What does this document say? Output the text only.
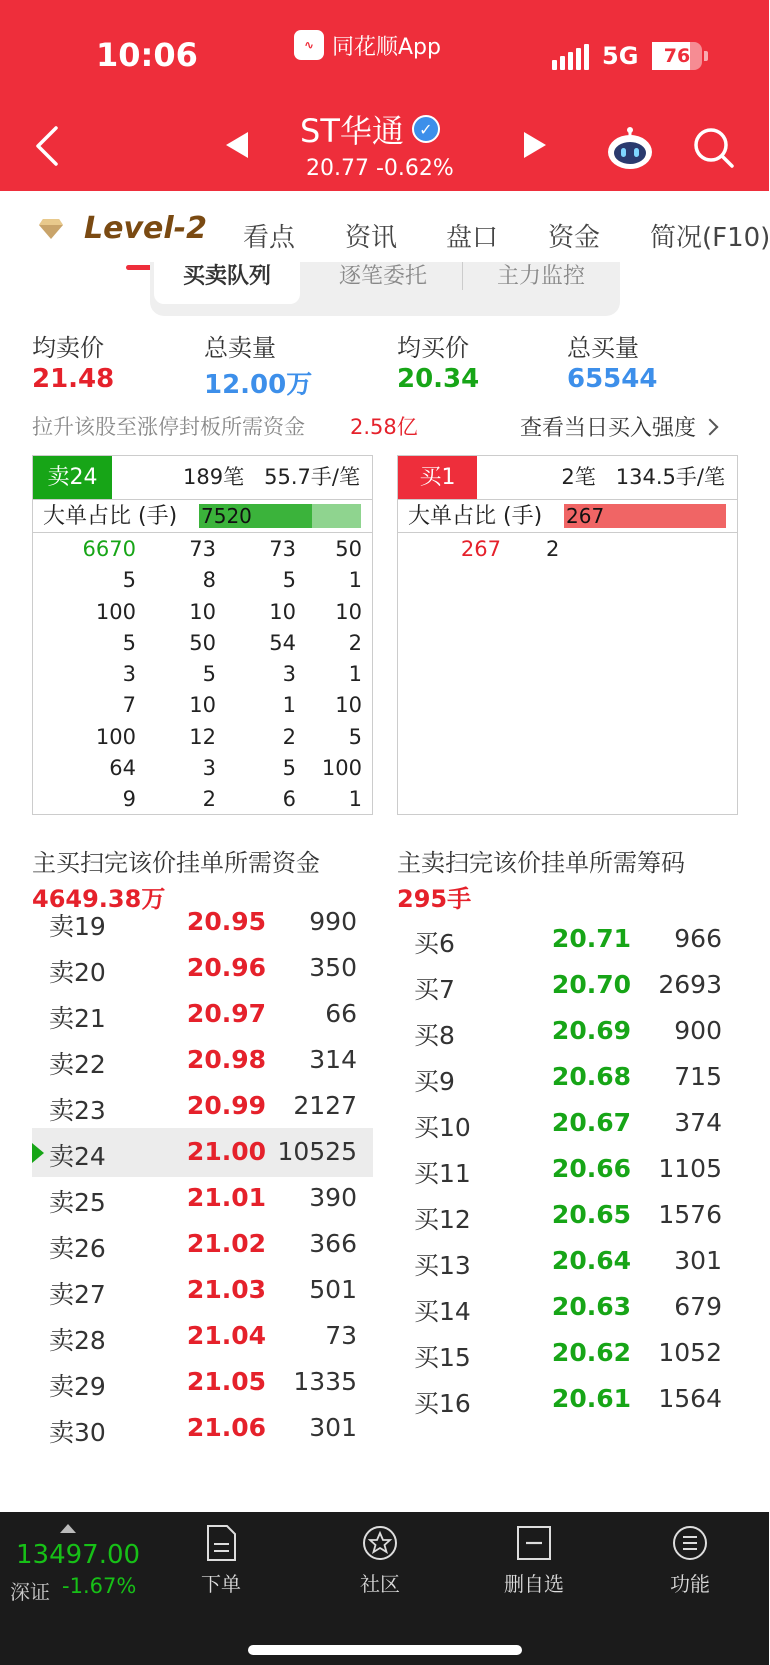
10:06	∿ 同花顺App	5G	76
ST华通 ✓
20.77 -0.62%
Level-2 看点 资讯 盘口 资金 简况(F10)
买卖队列	逐笔委托	主力监控
均卖价
21.48
总卖量
12.00万
均买价
20.34
总买量
65544
拉升该股至涨停封板所需资金 2.58亿	查看当日买入强度
卖24	189笔 55.7手/笔
大单占比 (手) 7520
6670	73	73	50
5	8	5	1
100	10	10	10
5	50	54	2
3	5	3	1
7	10	1	10
100	12	2	5
64	3	5	100
9	2	6	1
买1	2笔 134.5手/笔
大单占比 (手) 267
267 2
主买扫完该价挂单所需资金
4649.38万
主卖扫完该价挂单所需筹码
295手
卖19	20.95 990
卖20	20.96 350
卖21	20.97 66
卖22	20.98 314
卖23	20.99 2127
卖24	21.00 10525
卖25	21.01 390
卖26	21.02 366
卖27	21.03 501
卖28	21.04 73
卖29	21.05 1335
卖30	21.06 301
买6	20.71 966
买7	20.70 2693
买8	20.69 900
买9	20.68 715
买10	20.67 374
买11	20.66 1105
买12	20.65 1576
买13	20.64 301
买14	20.63 679
买15	20.62 1052
买16	20.61 1564
13497.00
深证 -1.67%	下单	社区	删自选	功能
